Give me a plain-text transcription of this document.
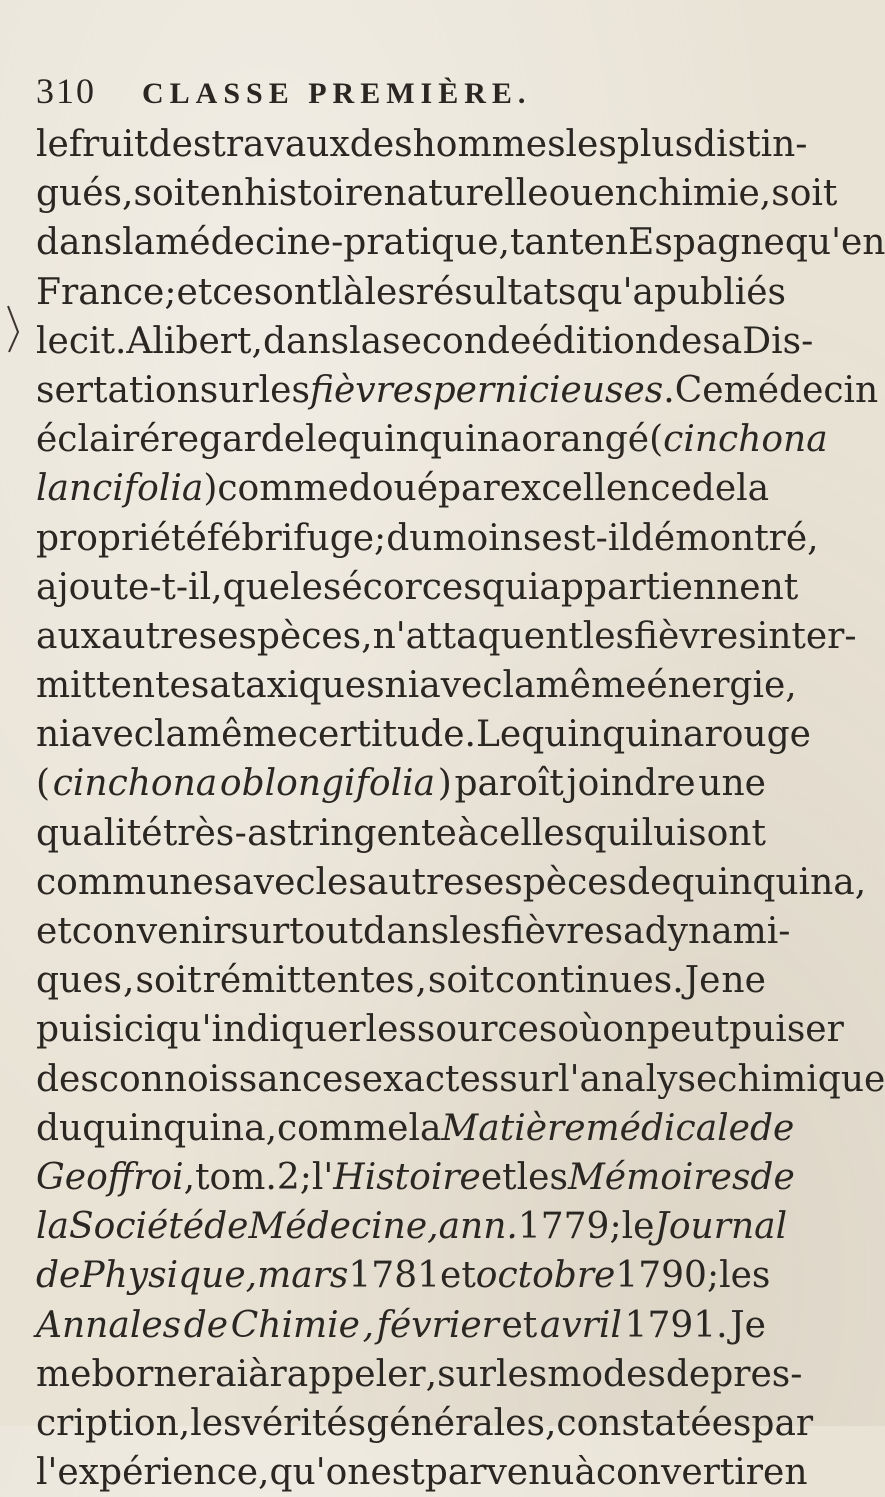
310 CLASSE PREMIÈRE.
le fruit des travaux des hommes les plus distin-
gués , soit en histoire naturelle ou en chimie , soit
dans la médecine-pratique, tant en Espagne qu'en
France ; et ce sont là les résultats qu'a publiés
le cit. Alibert , dans la seconde édition de sa Dis-
sertation sur les fièvres pernicieuses . Ce médecin
éclairé regarde le quinquina orangé ( cinchona
lancifolia ) comme doué par excellence de la
propriété fébrifuge ; du moins est-il démontré ,
ajoute-t-il , que les écorces qui appartiennent
aux autres espèces , n'attaquent les fièvres inter-
mittentes ataxiques ni avec la même énergie ,
ni avec la même certitude. Le quinquina rouge
( cinchona oblongifolia ) paroît joindre une
qualité très - astringente à celles qui lui sont
communes avec les autres espèces de quinquina ,
et convenir surtout dans les fièvres adynami-
ques , soit rémittentes , soit continues. Je ne
puis ici qu'indiquer les sources où on peut puiser
des connoissances exactes sur l'analyse chimique
du quinquina , comme la Matière médicale de
Geoffroi , tom. 2 ; l' Histoire et les Mémoires de
la Société de Médecine, ann. 1779 ; le Journal
de Physique , mars 1781 et octobre 1790 ; les
Annales de Chimie , février et avril 1791. Je
me bornerai à rappeler , sur les modes de pres-
cription , les vérités générales , constatées par
l'expérience , qu'on est parvenu à convertir en
